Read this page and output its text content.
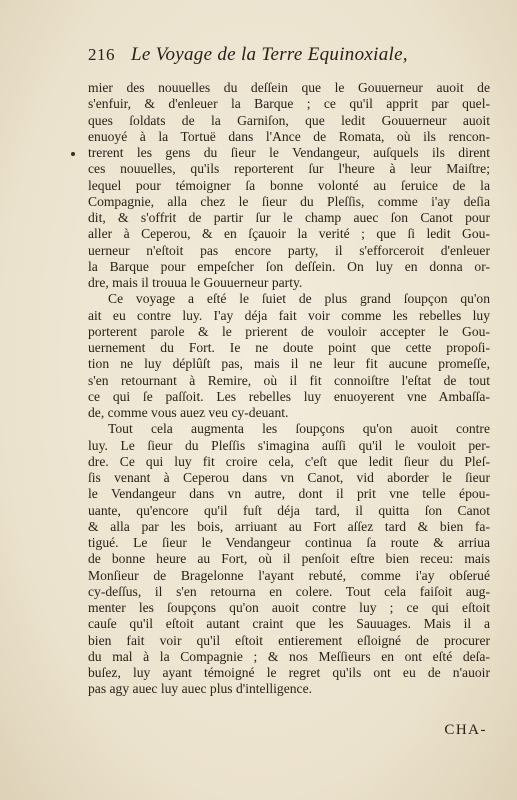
216 Le Voyage de la Terre Equinoxiale,
mier des nouuelles du deſſein que le Gouuerneur auoit de
s'enfuir, & d'enleuer la Barque ; ce qu'il apprit par quel-
ques ſoldats de la Garniſon, que ledit Gouuerneur auoit
enuoyé à la Tortuë dans l'Ance de Romata, où ils rencon-
trerent les gens du ſieur le Vendangeur, auſquels ils dirent
ces nouuelles, qu'ils reporterent ſur l'heure à leur Maiſtre;
lequel pour témoigner ſa bonne volonté au ſeruice de la
Compagnie, alla chez le ſieur du Pleſſis, comme i'ay deſia
dit, & s'offrit de partir ſur le champ auec ſon Canot pour
aller à Ceperou, & en ſçauoir la verité ; que ſi ledit Gou-
uerneur n'eſtoit pas encore party, il s'efforceroit d'enleuer
la Barque pour empeſcher ſon deſſein. On luy en donna or-
dre, mais il trouua le Gouuerneur party.
Ce voyage a eſté le ſuiet de plus grand ſoupçon qu'on
ait eu contre luy. I'ay déja fait voir comme les rebelles luy
porterent parole & le prierent de vouloir accepter le Gou-
uernement du Fort. Ie ne doute point que cette propoſi-
tion ne luy déplûſt pas, mais il ne leur fit aucune promeſſe,
s'en retournant à Remire, où il fit connoiſtre l'eſtat de tout
ce qui ſe paſſoit. Les rebelles luy enuoyerent vne Ambaſſa-
de, comme vous auez veu cy-deuant.
Tout cela augmenta les ſoupçons qu'on auoit contre
luy. Le ſieur du Pleſſis s'imagina auſſi qu'il le vouloit per-
dre. Ce qui luy fit croire cela, c'eſt que ledit ſieur du Pleſ-
ſis venant à Ceperou dans vn Canot, vid aborder le ſieur
le Vendangeur dans vn autre, dont il prit vne telle épou-
uante, qu'encore qu'il fuſt déja tard, il quitta ſon Canot
& alla par les bois, arriuant au Fort aſſez tard & bien fa-
tigué. Le ſieur le Vendangeur continua ſa route & arriua
de bonne heure au Fort, où il penſoit eſtre bien receu: mais
Monſieur de Bragelonne l'ayant rebuté, comme i'ay obſerué
cy-deſſus, il s'en retourna en colere. Tout cela faiſoit aug-
menter les ſoupçons qu'on auoit contre luy ; ce qui eſtoit
cauſe qu'il eſtoit autant craint que les Sauuages. Mais il a
bien fait voir qu'il eſtoit entierement eſloigné de procurer
du mal à la Compagnie ; & nos Meſſieurs en ont eſté deſa-
buſez, luy ayant témoigné le regret qu'ils ont eu de n'auoir
pas agy auec luy auec plus d'intelligence.
CHA-
